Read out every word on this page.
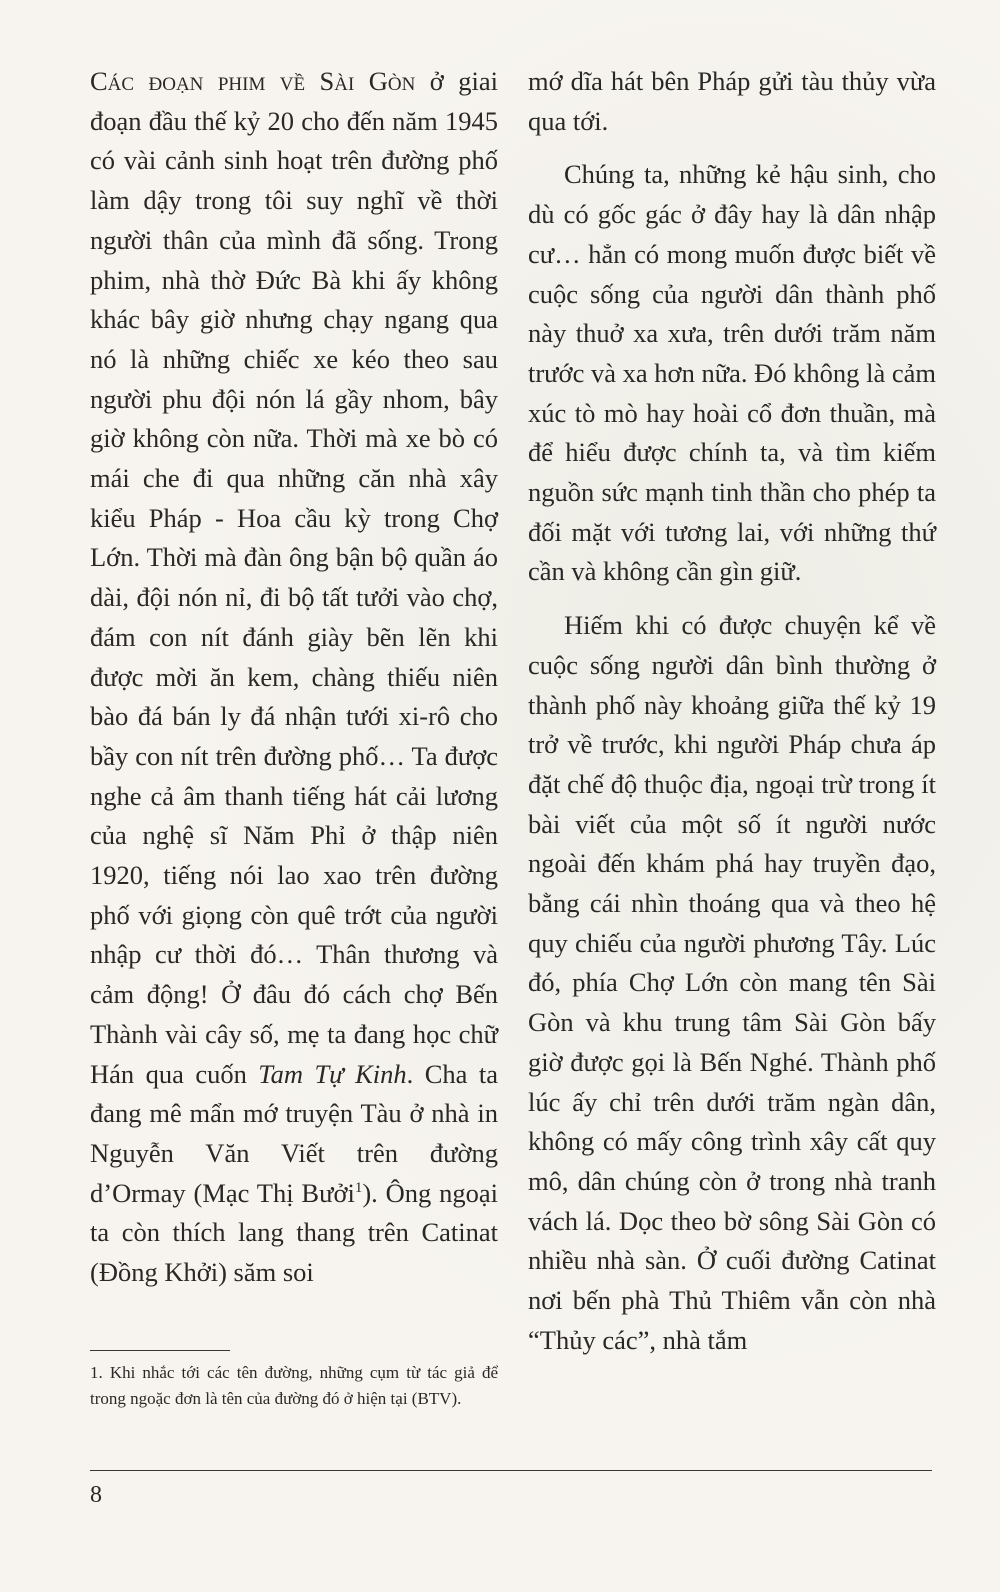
Các đoạn phim về Sài Gòn ở giai đoạn đầu thế kỷ 20 cho đến năm 1945 có vài cảnh sinh hoạt trên đường phố làm dậy trong tôi suy nghĩ về thời người thân của mình đã sống. Trong phim, nhà thờ Đức Bà khi ấy không khác bây giờ nhưng chạy ngang qua nó là những chiếc xe kéo theo sau người phu đội nón lá gầy nhom, bây giờ không còn nữa. Thời mà xe bò có mái che đi qua những căn nhà xây kiểu Pháp - Hoa cầu kỳ trong Chợ Lớn. Thời mà đàn ông bận bộ quần áo dài, đội nón nỉ, đi bộ tất tưởi vào chợ, đám con nít đánh giày bẽn lẽn khi được mời ăn kem, chàng thiếu niên bào đá bán ly đá nhận tưới xi-rô cho bầy con nít trên đường phố… Ta được nghe cả âm thanh tiếng hát cải lương của nghệ sĩ Năm Phỉ ở thập niên 1920, tiếng nói lao xao trên đường phố với giọng còn quê trớt của người nhập cư thời đó… Thân thương và cảm động! Ở đâu đó cách chợ Bến Thành vài cây số, mẹ ta đang học chữ Hán qua cuốn Tam Tự Kinh. Cha ta đang mê mẩn mớ truyện Tàu ở nhà in Nguyễn Văn Viết trên đường d’Ormay (Mạc Thị Bưởi$^1$). Ông ngoại ta còn thích lang thang trên Catinat (Đồng Khởi) săm soi

mớ dĩa hát bên Pháp gửi tàu thủy vừa qua tới.

Chúng ta, những kẻ hậu sinh, cho dù có gốc gác ở đây hay là dân nhập cư… hẳn có mong muốn được biết về cuộc sống của người dân thành phố này thuở xa xưa, trên dưới trăm năm trước và xa hơn nữa. Đó không là cảm xúc tò mò hay hoài cổ đơn thuần, mà để hiểu được chính ta, và tìm kiếm nguồn sức mạnh tinh thần cho phép ta đối mặt với tương lai, với những thứ cần và không cần gìn giữ.

Hiếm khi có được chuyện kể về cuộc sống người dân bình thường ở thành phố này khoảng giữa thế kỷ 19 trở về trước, khi người Pháp chưa áp đặt chế độ thuộc địa, ngoại trừ trong ít bài viết của một số ít người nước ngoài đến khám phá hay truyền đạo, bằng cái nhìn thoáng qua và theo hệ quy chiếu của người phương Tây. Lúc đó, phía Chợ Lớn còn mang tên Sài Gòn và khu trung tâm Sài Gòn bấy giờ được gọi là Bến Nghé. Thành phố lúc ấy chỉ trên dưới trăm ngàn dân, không có mấy công trình xây cất quy mô, dân chúng còn ở trong nhà tranh vách lá. Dọc theo bờ sông Sài Gòn có nhiều nhà sàn. Ở cuối đường Catinat nơi bến phà Thủ Thiêm vẫn còn nhà “Thủy các”, nhà tắm

1. Khi nhắc tới các tên đường, những cụm từ tác giả để trong ngoặc đơn là tên của đường đó ở hiện tại (BTV).
8
